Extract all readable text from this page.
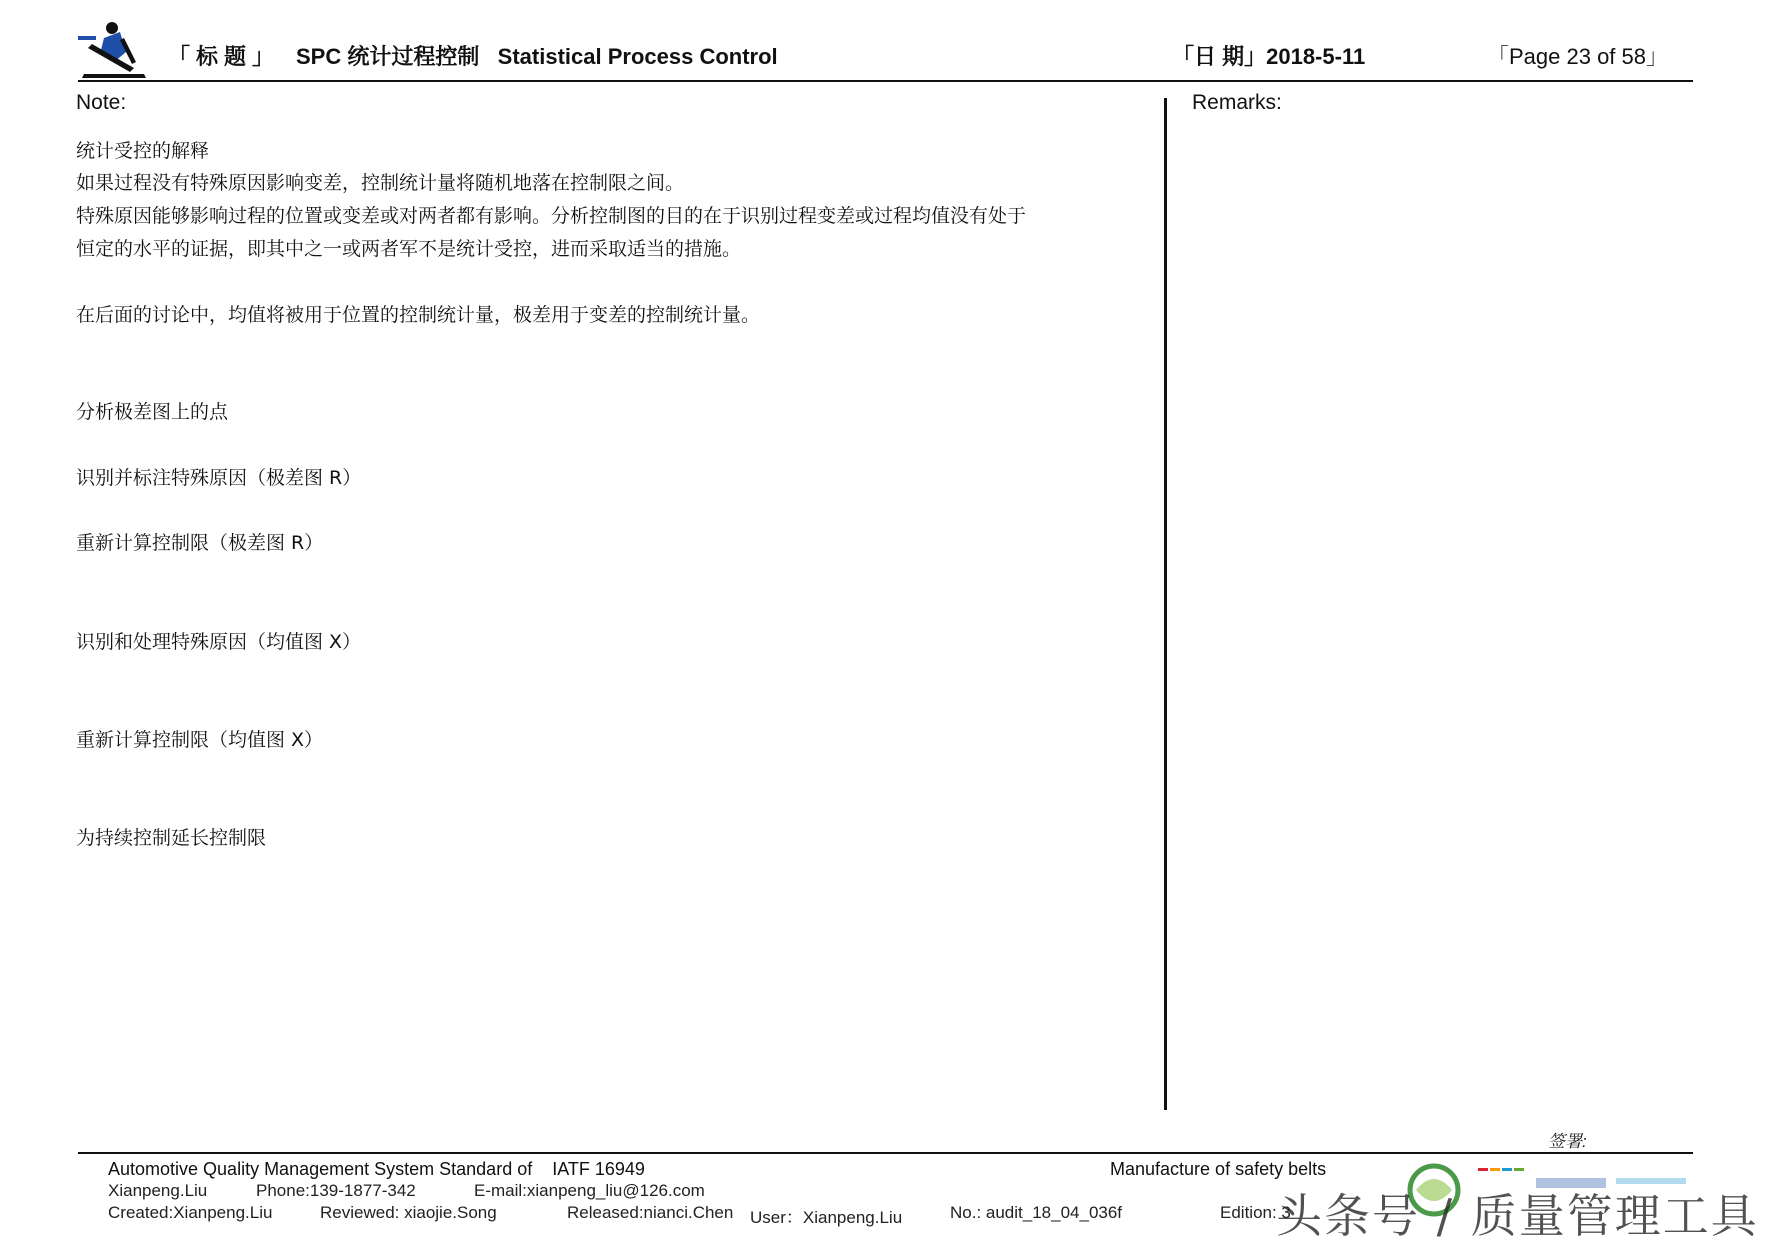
「标题」 SPC 统计过程控制   Statistical Process Control	「日 期」2018-5-11	「Page 23 of 58」
Note:	Remarks:
统计受控的解释
如果过程没有特殊原因影响变差，控制统计量将随机地落在控制限之间。
特殊原因能够影响过程的位置或变差或对两者都有影响。分析控制图的目的在于识别过程变差或过程均值没有处于
恒定的水平的证据，即其中之一或两者军不是统计受控，进而采取适当的措施。
在后面的讨论中，均值将被用于位置的控制统计量，极差用于变差的控制统计量。
分析极差图上的点
识别并标注特殊原因（极差图 R）
重新计算控制限（极差图 R）
识别和处理特殊原因（均值图 X）
重新计算控制限（均值图 X）
为持续控制延长控制限
签署:
Automotive Quality Management System Standard of    IATF 16949	Manufacture of safety belts
Xianpeng.Liu	Phone:139-1877-342	E-mail:xianpeng_liu@126.com
Created:Xianpeng.Liu	Reviewed: xiaojie.Song	Released:nianci.Chen User：Xianpeng.Liu	No.: audit_18_04_036f	Edition: 3
头条号 / 质量管理工具
